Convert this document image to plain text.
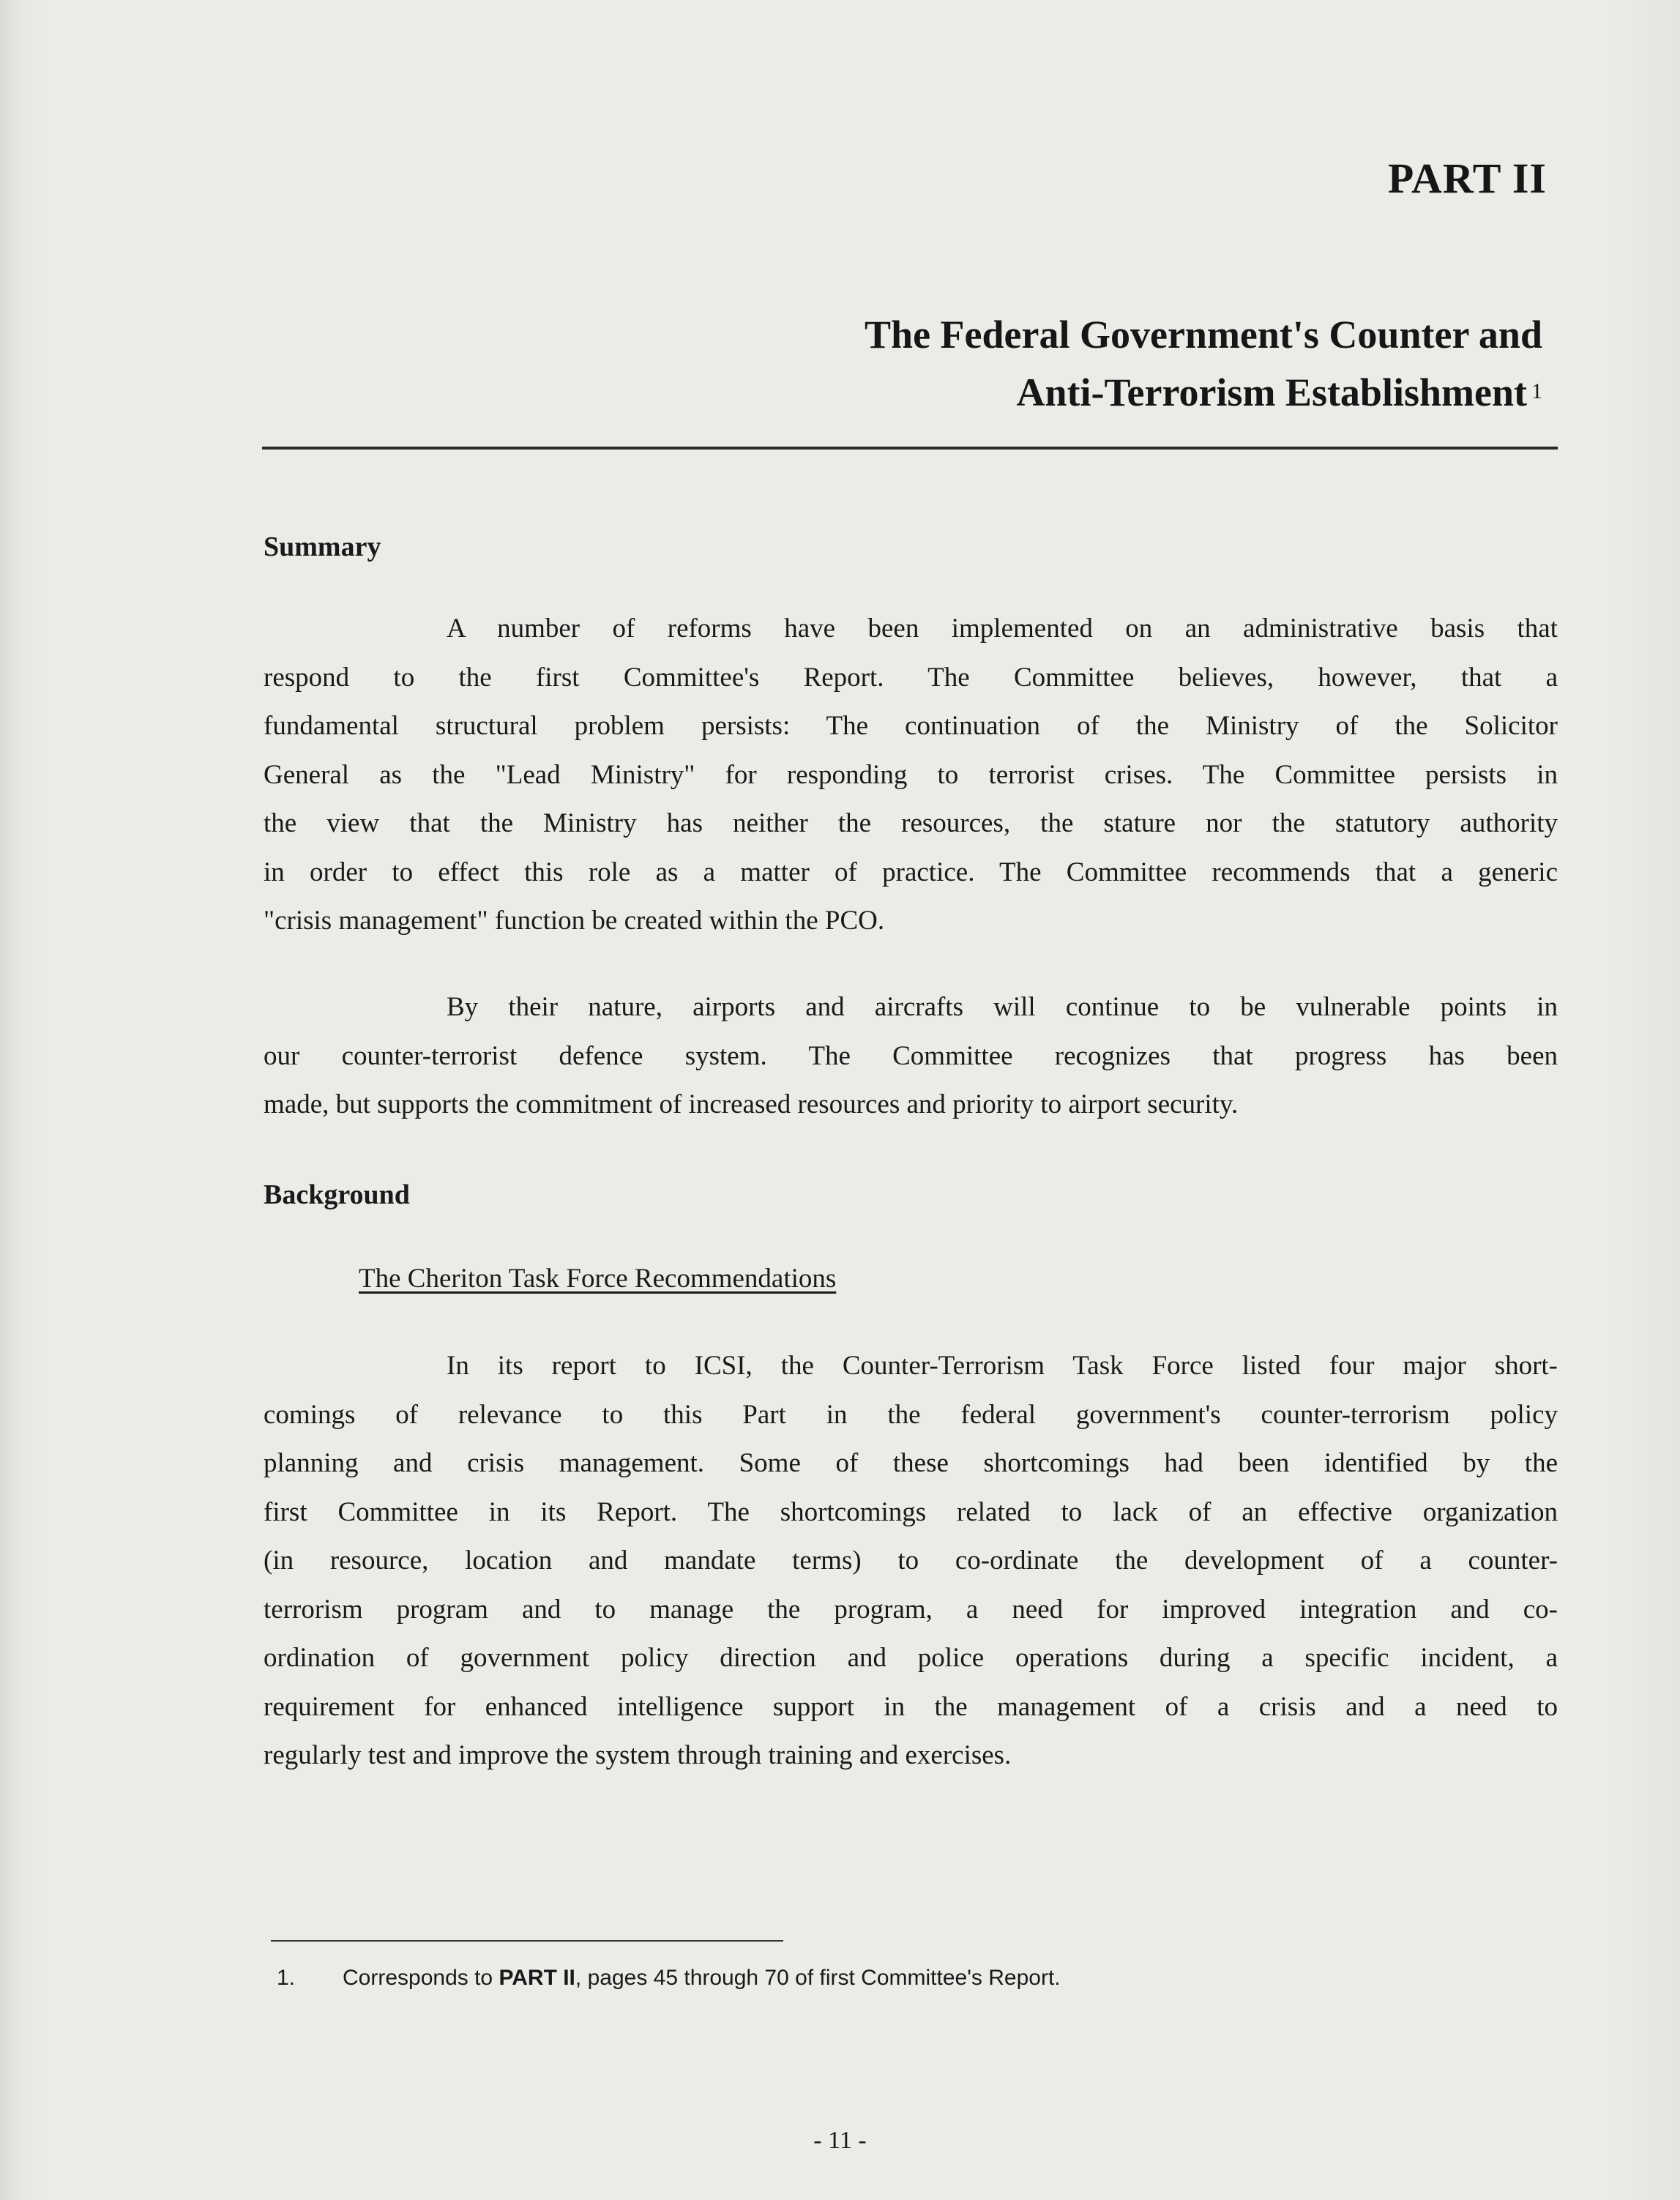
PART II
The Federal Government's Counter and
Anti-Terrorism Establishment $^1$
Summary
A number of reforms have been implemented on an administrative basis that
respond to the first Committee's Report. The Committee believes, however, that a
fundamental structural problem persists: The continuation of the Ministry of the Solicitor
General as the "Lead Ministry" for responding to terrorist crises. The Committee persists in
the view that the Ministry has neither the resources, the stature nor the statutory authority
in order to effect this role as a matter of practice. The Committee recommends that a generic
"crisis management" function be created within the PCO.
By their nature, airports and aircrafts will continue to be vulnerable points in
our counter-terrorist defence system. The Committee recognizes that progress has been
made, but supports the commitment of increased resources and priority to airport security.
Background
The Cheriton Task Force Recommendations
In its report to ICSI, the Counter-Terrorism Task Force listed four major short-
comings of relevance to this Part in the federal government's counter-terrorism policy
planning and crisis management. Some of these shortcomings had been identified by the
first Committee in its Report. The shortcomings related to lack of an effective organization
(in resource, location and mandate terms) to co-ordinate the development of a counter-
terrorism program and to manage the program, a need for improved integration and co-
ordination of government policy direction and police operations during a specific incident, a
requirement for enhanced intelligence support in the management of a crisis and a need to
regularly test and improve the system through training and exercises.
1. Corresponds to PART II, pages 45 through 70 of first Committee's Report.
- 11 -
